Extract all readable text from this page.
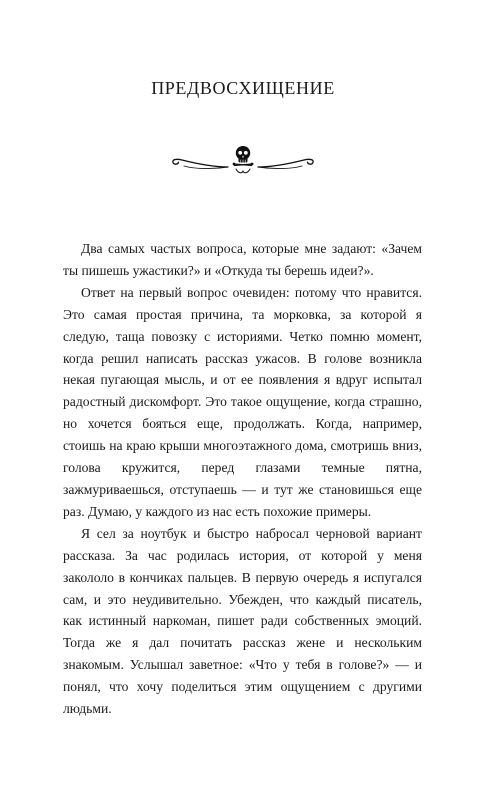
ПРЕДВОСХИЩЕНИЕ

Два самых частых вопроса, которые мне задают: «Зачем ты пишешь ужастики?» и «Откуда ты берешь идеи?».

Ответ на первый вопрос очевиден: потому что нравится. Это самая простая причина, та морковка, за которой я следую, таща повозку с историями. Четко помню момент, когда решил написать рассказ ужасов. В голове возникла некая пугающая мысль, и от ее появления я вдруг испытал радостный дискомфорт. Это такое ощущение, когда страшно, но хочется бояться еще, продолжать. Когда, например, стоишь на краю крыши многоэтажного дома, смотришь вниз, голова кружится, перед глазами темные пятна, зажмуриваешься, отступаешь — и тут же становишься еще раз. Думаю, у каждого из нас есть похожие примеры.

Я сел за ноутбук и быстро набросал черновой вариант рассказа. За час родилась история, от которой у меня закололо в кончиках пальцев. В первую очередь я испугался сам, и это неудивительно. Убежден, что каждый писатель, как истинный наркоман, пишет ради собственных эмоций. Тогда же я дал почитать рассказ жене и нескольким знакомым. Услышал заветное: «Что у тебя в голове?» — и понял, что хочу поделиться этим ощущением с другими людьми.
